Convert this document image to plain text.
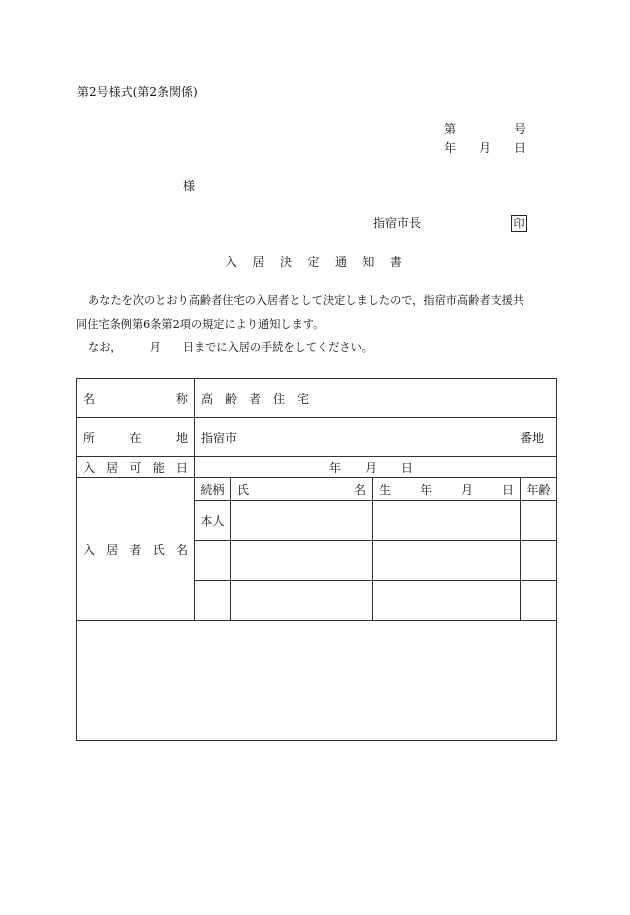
第2号様式(第2条関係)
第	号
年 月 日
様
指宿市長	印
入 居 決 定 通 知 書
あなたを次のとおり高齢者住宅の入居者として決定しましたので，指宿市高齢者支援共
同住宅条例第6条第2項の規定により通知します。
なお，	月 日までに入居の手続をしてください。
名 称	高 齢 者 住 宅			

所 在 地	指宿市 番地			

入 居 可 能 日	年 月 日			

入 居 者 氏 名	続柄	氏 名	生 年 月 日	年齢

	本人			
